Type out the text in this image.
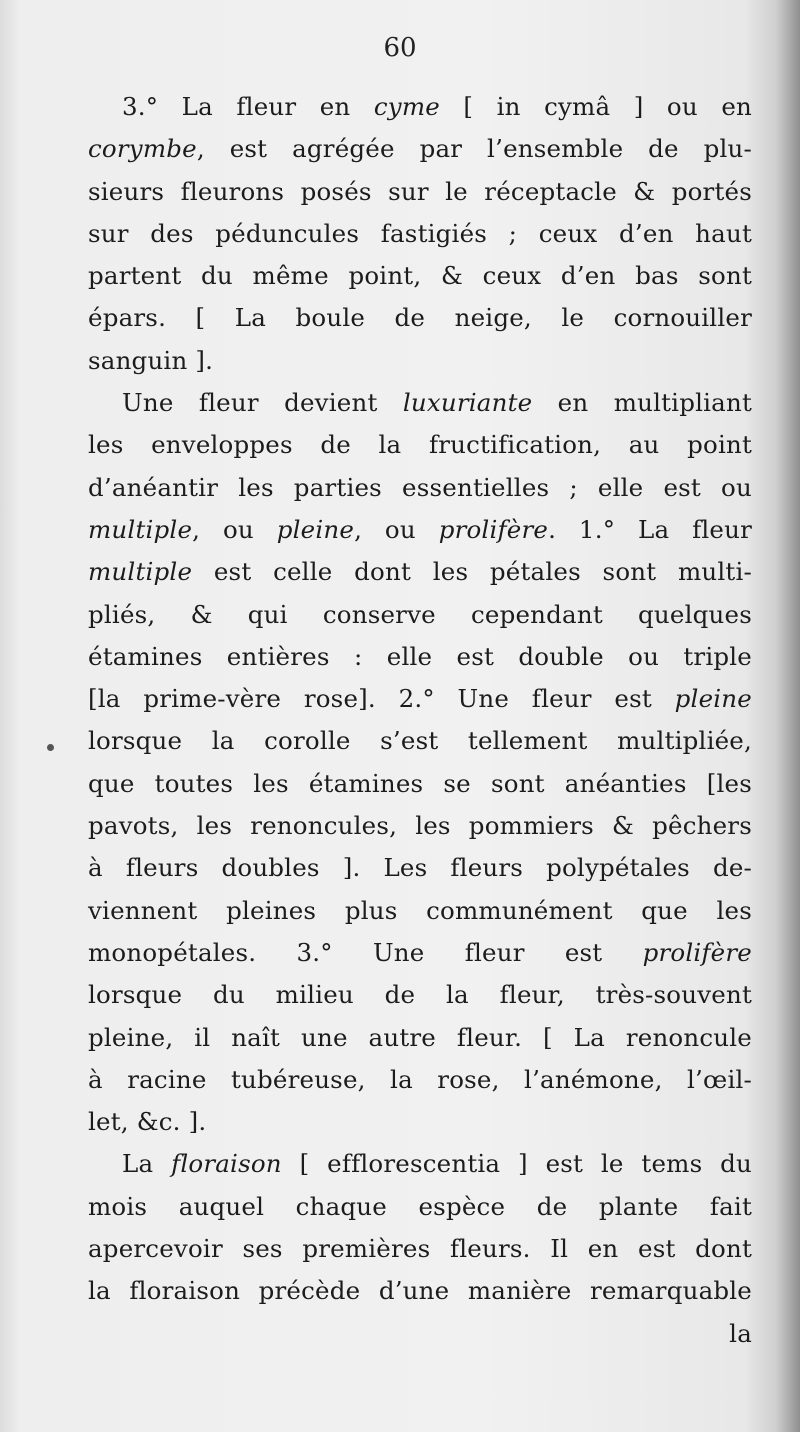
60
3.° La fleur en cyme [ in cymâ ] ou en
corymbe, est agrégée par l’ensemble de plu-
sieurs fleurons posés sur le réceptacle & portés
sur des péduncules fastigiés ; ceux d’en haut
partent du même point, & ceux d’en bas sont
épars. [ La boule de neige, le cornouiller
sanguin ].
Une fleur devient luxuriante en multipliant
les enveloppes de la fructification, au point
d’anéantir les parties essentielles ; elle est ou
multiple, ou pleine, ou prolifère. 1.° La fleur
multiple est celle dont les pétales sont multi-
pliés, & qui conserve cependant quelques
étamines entières : elle est double ou triple
[la prime-vère rose]. 2.° Une fleur est pleine
lorsque la corolle s’est tellement multipliée,
que toutes les étamines se sont anéanties [les
pavots, les renoncules, les pommiers & pêchers
à fleurs doubles ]. Les fleurs polypétales de-
viennent pleines plus communément que les
monopétales. 3.° Une fleur est prolifère
lorsque du milieu de la fleur, très-souvent
pleine, il naît une autre fleur. [ La renoncule
à racine tubéreuse, la rose, l’anémone, l’œil-
let, &c. ].
La floraison [ efflorescentia ] est le tems du
mois auquel chaque espèce de plante fait
apercevoir ses premières fleurs. Il en est dont
la floraison précède d’une manière remarquable
la
